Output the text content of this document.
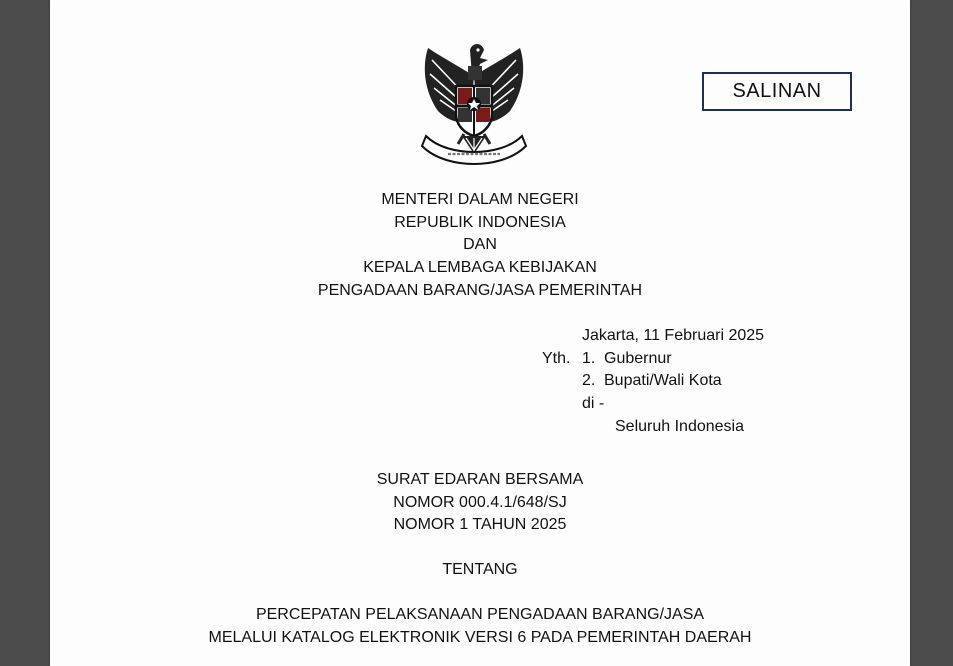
SALINAN
MENTERI DALAM NEGERI
REPUBLIK INDONESIA
DAN
KEPALA LEMBAGA KEBIJAKAN
PENGADAAN BARANG/JASA PEMERINTAH
Jakarta, 11 Februari 2025
Yth. 1. Gubernur
2. Bupati/Wali Kota
di -
Seluruh Indonesia
SURAT EDARAN BERSAMA
NOMOR 000.4.1/648/SJ
NOMOR 1 TAHUN 2025
TENTANG
PERCEPATAN PELAKSANAAN PENGADAAN BARANG/JASA
MELALUI KATALOG ELEKTRONIK VERSI 6 PADA PEMERINTAH DAERAH
